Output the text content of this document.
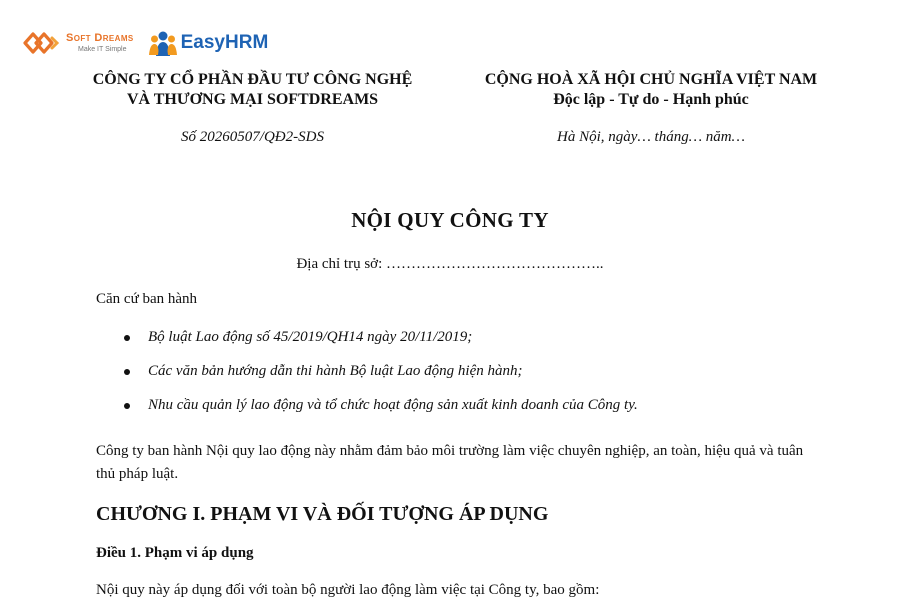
Soft Dreams
Make IT Simple	EasyHRM
CÔNG TY CỔ PHẦN ĐẦU TƯ CÔNG NGHỆ
VÀ THƯƠNG MẠI SOFTDREAMS
CỘNG HOÀ XÃ HỘI CHỦ NGHĨA VIỆT NAM
Độc lập - Tự do - Hạnh phúc
Số 20260507/QĐ2-SDS	Hà Nội, ngày… tháng… năm…
NỘI QUY CÔNG TY
Địa chỉ trụ sở: ……………………………………..
Căn cứ ban hành
Bộ luật Lao động số 45/2019/QH14 ngày 20/11/2019;
Các văn bản hướng dẫn thi hành Bộ luật Lao động hiện hành;
Nhu cầu quản lý lao động và tổ chức hoạt động sản xuất kinh doanh của Công ty.
Công ty ban hành Nội quy lao động này nhằm đảm bảo môi trường làm việc chuyên nghiệp, an toàn, hiệu quả và tuân thủ pháp luật.
CHƯƠNG I. PHẠM VI VÀ ĐỐI TƯỢNG ÁP DỤNG
Điều 1. Phạm vi áp dụng
Nội quy này áp dụng đối với toàn bộ người lao động làm việc tại Công ty, bao gồm:
